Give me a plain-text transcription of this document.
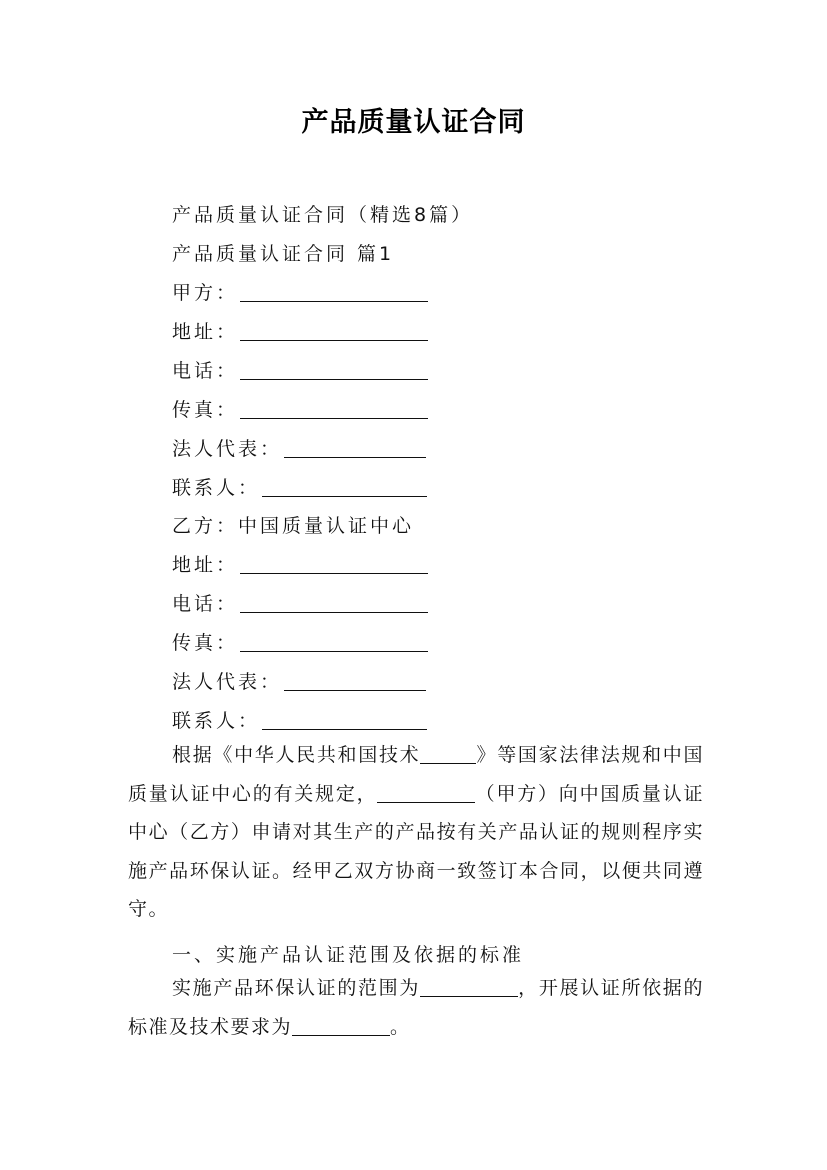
产品质量认证合同
产品质量认证合同（精选8篇）
产品质量认证合同 篇1
甲方：
地址：
电话：
传真：
法人代表：
联系人：
乙方：中国质量认证中心
地址：
电话：
传真：
法人代表：
联系人：
根据《中华人民共和国技术	》等国家法律法规和中国质量认证中心的有关规定，	（甲方）向中国质量认证中心（乙方）申请对其生产的产品按有关产品认证的规则程序实施产品环保认证。经甲乙双方协商一致签订本合同，以便共同遵守。
一、实施产品认证范围及依据的标准
实施产品环保认证的范围为	，开展认证所依据的标准及技术要求为	。
